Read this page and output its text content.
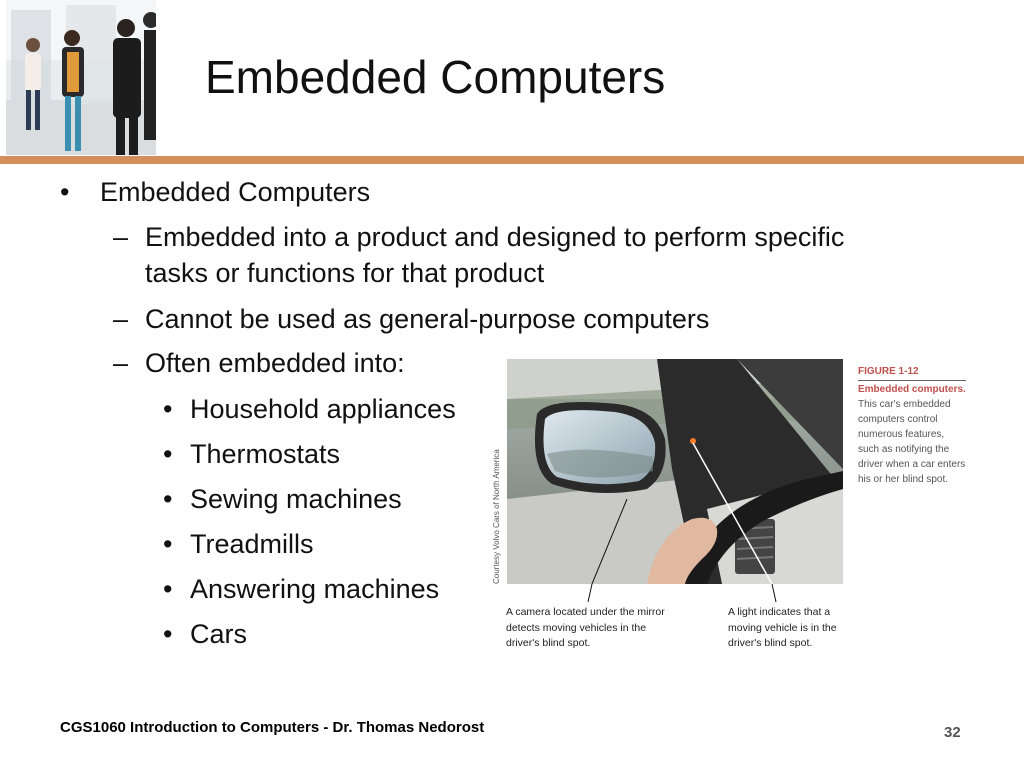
Embedded Computers
• Embedded Computers
– Embedded into a product and designed to perform specific
tasks or functions for that product
– Cannot be used as general-purpose computers
– Often embedded into:
• Household appliances
• Thermostats
• Sewing machines
• Treadmills
• Answering machines
• Cars
Courtesy Volvo Cars of North America
FIGURE 1-12
Embedded computers. This car's embedded computers control numerous features, such as notifying the driver when a car enters his or her blind spot.
A camera located under the mirror detects moving vehicles in the driver's blind spot.
A light indicates that a moving vehicle is in the driver's blind spot.
CGS1060 Introduction to Computers - Dr. Thomas Nedorost	32
